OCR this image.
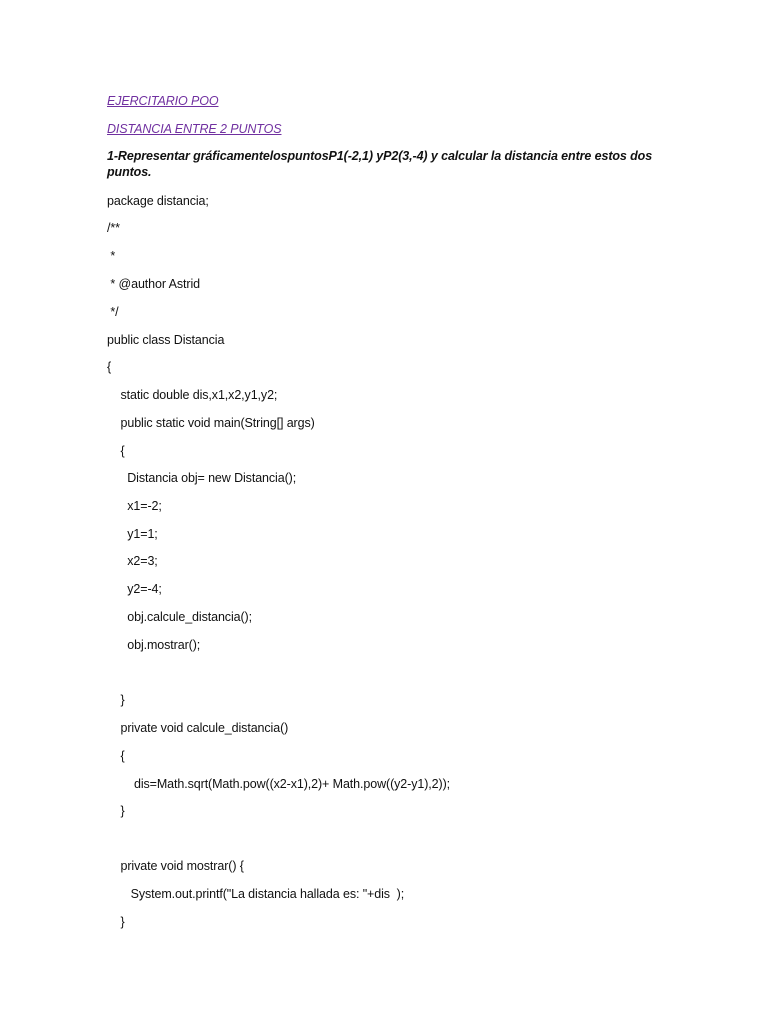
EJERCITARIO POO
DISTANCIA ENTRE 2 PUNTOS
1-Representar gráficamentelospuntosP1(-2,1) yP2(3,-4) y calcular la distancia entre estos dos puntos.
package distancia;
/**
*
* @author Astrid
*/
public class Distancia
{
static double dis,x1,x2,y1,y2;
public static void main(String[] args)
{
Distancia obj= new Distancia();
x1=-2;
y1=1;
x2=3;
y2=-4;
obj.calcule_distancia();
obj.mostrar();
}
private void calcule_distancia()
{
dis=Math.sqrt(Math.pow((x2-x1),2)+ Math.pow((y2-y1),2));
}
private void mostrar() {
System.out.printf("La distancia hallada es: "+dis  );
}
